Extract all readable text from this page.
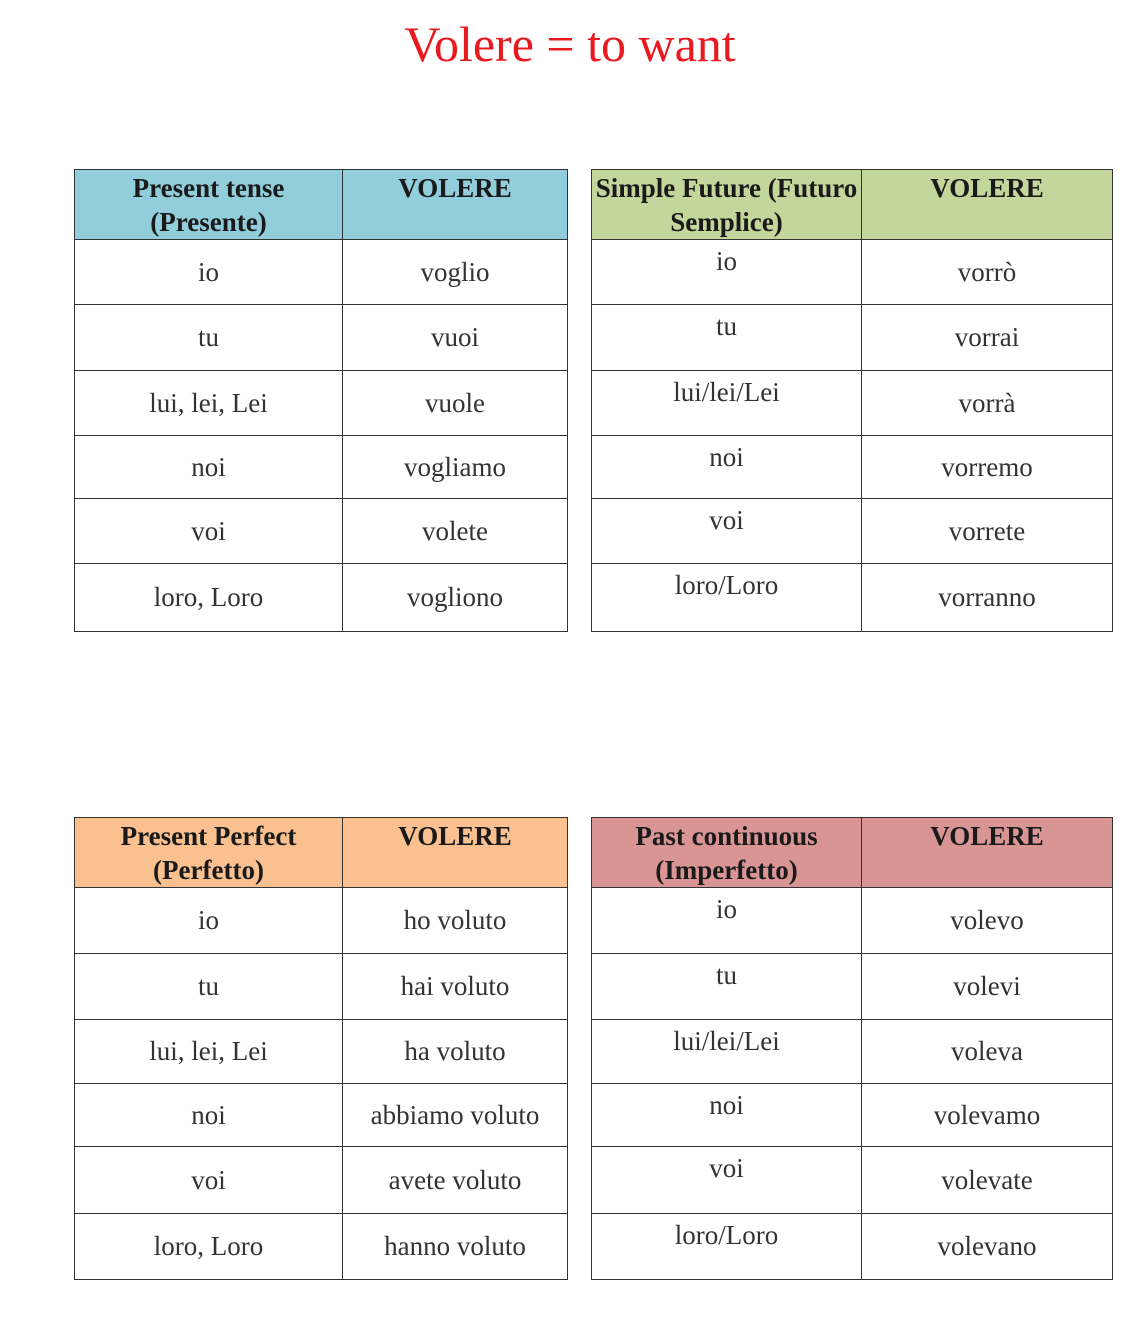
Volere = to want
Present tense (Presente)	VOLERE
io	voglio
tu	vuoi
lui, lei, Lei	vuole
noi	vogliamo
voi	volete
loro, Loro	vogliono
Simple Future (Futuro Semplice)	VOLERE
io	vorrò
tu	vorrai
lui/lei/Lei	vorrà
noi	vorremo
voi	vorrete
loro/Loro	vorranno
Present Perfect (Perfetto)	VOLERE
io	ho voluto
tu	hai voluto
lui, lei, Lei	ha voluto
noi	abbiamo voluto
voi	avete voluto
loro, Loro	hanno voluto
Past continuous (Imperfetto)	VOLERE
io	volevo
tu	volevi
lui/lei/Lei	voleva
noi	volevamo
voi	volevate
loro/Loro	volevano
